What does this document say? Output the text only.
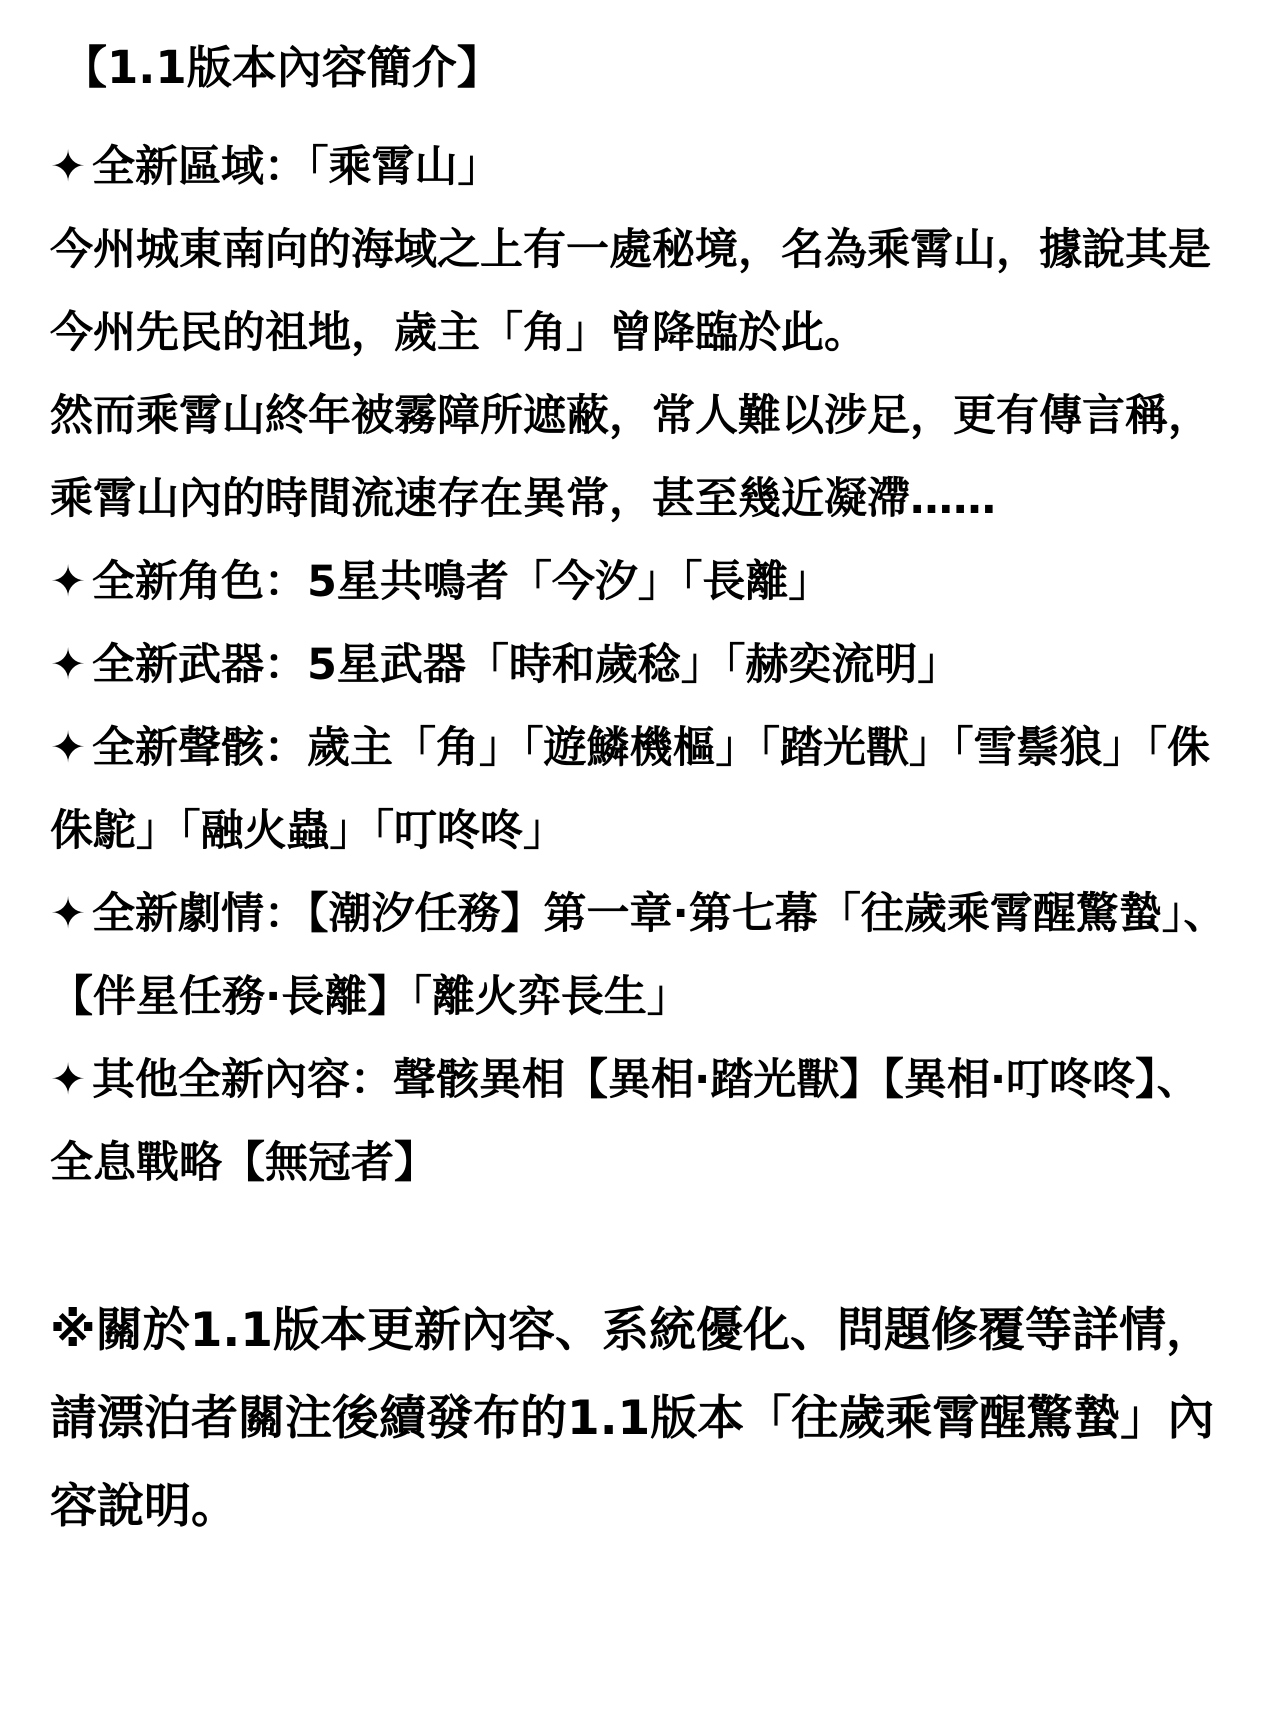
【1.1版本內容簡介】

✦ 全新區域：「乘霄山」

今州城東南向的海域之上有一處秘境，名為乘霄山，據說其是今州先民的祖地，歲主「角」曾降臨於此。

然而乘霄山終年被霧障所遮蔽，常人難以涉足，更有傳言稱，乘霄山內的時間流速存在異常，甚至幾近凝滯……

✦ 全新角色：5星共鳴者「今汐」「長離」

✦ 全新武器：5星武器「時和歲稔」「赫奕流明」

✦ 全新聲骸：歲主「角」「遊鱗機樞」「踏光獸」「雪鬃狼」「侏侏鴕」「融火蟲」「叮咚咚」

✦ 全新劇情：【潮汐任務】第一章·第七幕「往歲乘霄醒驚蟄」、【伴星任務·長離】「離火弈長生」

✦ 其他全新內容：聲骸異相【異相·踏光獸】【異相·叮咚咚】、全息戰略【無冠者】

※關於1.1版本更新內容、系統優化、問題修覆等詳情，請漂泊者關注後續發布的1.1版本「往歲乘霄醒驚蟄」內容說明。
